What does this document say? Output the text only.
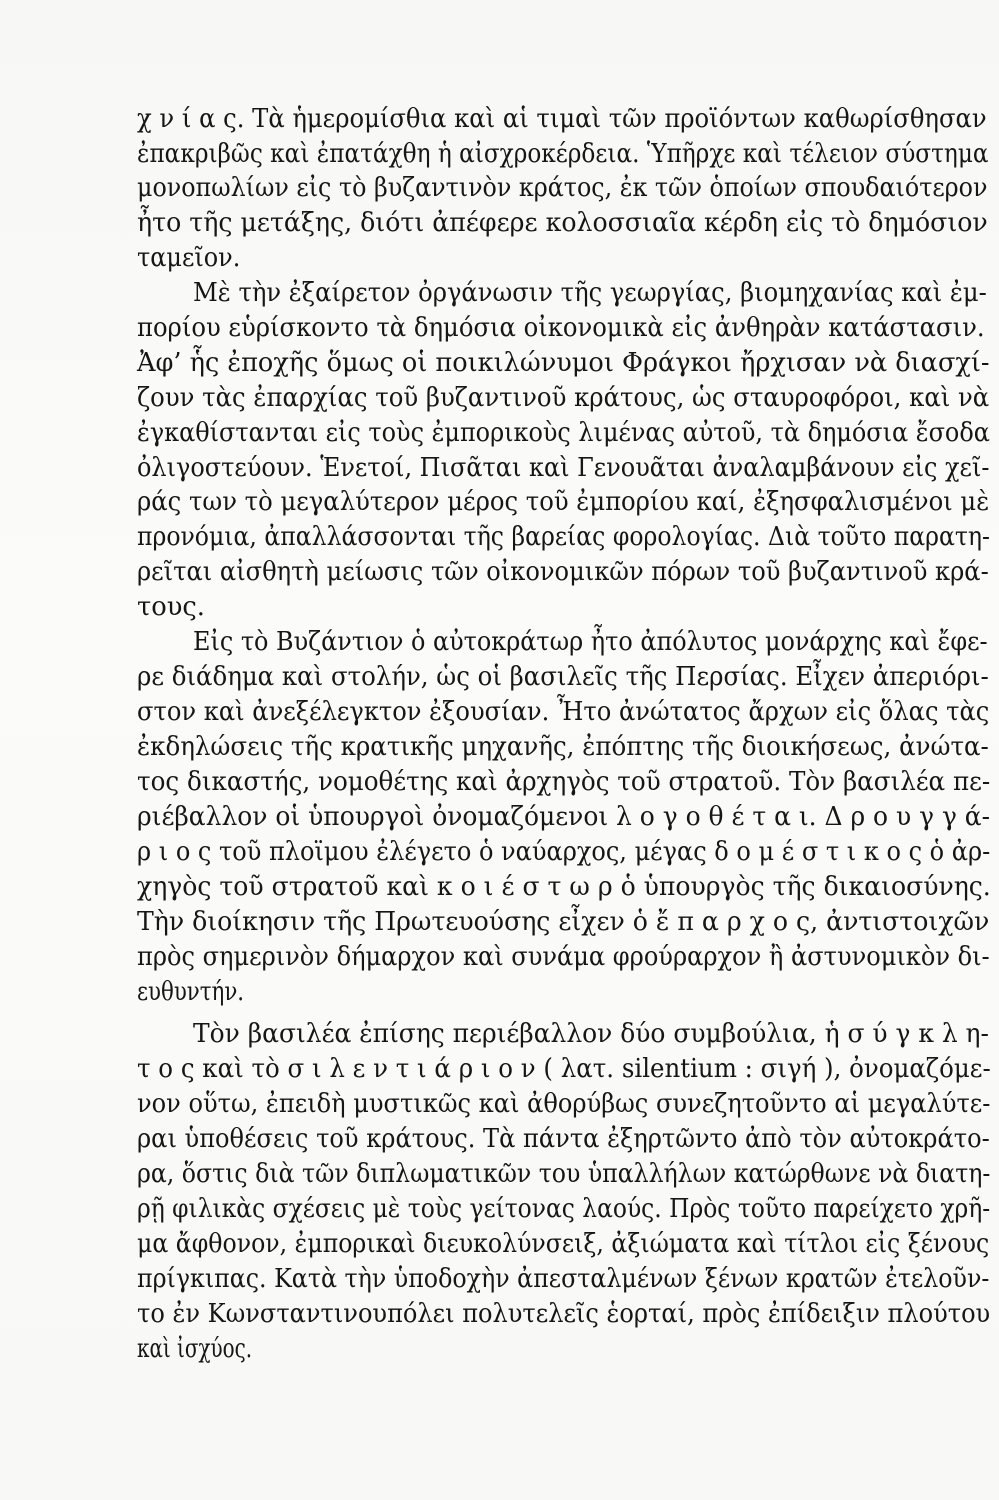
χ ν ί α ς. Τὰ ἡμερομίσθια καὶ αἱ τιμαὶ τῶν προϊόντων καθωρίσθησαν
ἐπακριβῶς καὶ ἐπατάχθη ἡ αἰσχροκέρδεια. Ὑπῆρχε καὶ τέλειον σύστημα
μονοπωλίων εἰς τὸ βυζαντινὸν κράτος, ἐκ τῶν ὁποίων σπουδαιότερον
ἦτο τῆς μετάξης, διότι ἀπέφερε κολοσσιαῖα κέρδη εἰς τὸ δημόσιον
ταμεῖον.
Μὲ τὴν ἐξαίρετον ὀργάνωσιν τῆς γεωργίας, βιομηχανίας καὶ ἐμ-
πορίου εὑρίσκοντο τὰ δημόσια οἰκονομικὰ εἰς ἀνθηρὰν κατάστασιν.
Ἀφ’ ἧς ἐποχῆς ὅμως οἱ ποικιλώνυμοι Φράγκοι ἤρχισαν νὰ διασχί-
ζουν τὰς ἐπαρχίας τοῦ βυζαντινοῦ κράτους, ὡς σταυροφόροι, καὶ νὰ
ἐγκαθίστανται εἰς τοὺς ἐμπορικοὺς λιμένας αὐτοῦ, τὰ δημόσια ἔσοδα
ὀλιγοστεύουν. Ἑνετοί, Πισᾶται καὶ Γενουᾶται ἀναλαμβάνουν εἰς χεῖ-
ράς των τὸ μεγαλύτερον μέρος τοῦ ἐμπορίου καί, ἐξησφαλισμένοι μὲ
προνόμια, ἀπαλλάσσονται τῆς βαρείας φορολογίας. Διὰ τοῦτο παρατη-
ρεῖται αἰσθητὴ μείωσις τῶν οἰκονομικῶν πόρων τοῦ βυζαντινοῦ κρά-
τους.
Εἰς τὸ Βυζάντιον ὁ αὐτοκράτωρ ἦτο ἀπόλυτος μονάρχης καὶ ἔφε-
ρε διάδημα καὶ στολήν, ὡς οἱ βασιλεῖς τῆς Περσίας. Εἶχεν ἀπεριόρι-
στον καὶ ἀνεξέλεγκτον ἐξουσίαν. Ἦτο ἀνώτατος ἄρχων εἰς ὅλας τὰς
ἐκδηλώσεις τῆς κρατικῆς μηχανῆς, ἐπόπτης τῆς διοικήσεως, ἀνώτα-
τος δικαστής, νομοθέτης καὶ ἀρχηγὸς τοῦ στρατοῦ. Τὸν βασιλέα πε-
ριέβαλλον οἱ ὑπουργοὶ ὀνομαζόμενοι λ ο γ ο θ έ τ α ι. Δ ρ ο υ γ γ ά-
ρ ι ο ς τοῦ πλοϊμου ἐλέγετο ὁ ναύαρχος, μέγας δ ο μ έ σ τ ι κ ο ς ὁ ἀρ-
χηγὸς τοῦ στρατοῦ καὶ κ ο ι έ σ τ ω ρ ὁ ὑπουργὸς τῆς δικαιοσύνης.
Τὴν διοίκησιν τῆς Πρωτευούσης εἶχεν ὁ ἔ π α ρ χ ο ς, ἀντιστοιχῶν
πρὸς σημερινὸν δήμαρχον καὶ συνάμα φρούραρχον ἢ ἀστυνομικὸν δι-
ευθυντήν.
Τὸν βασιλέα ἐπίσης περιέβαλλον δύο συμβούλια, ἡ σ ύ γ κ λ η-
τ ο ς καὶ τὸ σ ι λ ε ν τ ι ά ρ ι ο ν ( λατ. silentium : σιγή ), ὀνομαζόμε-
νον οὕτω, ἐπειδὴ μυστικῶς καὶ ἀθορύβως συνεζητοῦντο αἱ μεγαλύτε-
ραι ὑποθέσεις τοῦ κράτους. Τὰ πάντα ἐξηρτῶντο ἀπὸ τὸν αὐτοκράτο-
ρα, ὅστις διὰ τῶν διπλωματικῶν του ὑπαλλήλων κατώρθωνε νὰ διατη-
ρῇ φιλικὰς σχέσεις μὲ τοὺς γείτονας λαούς. Πρὸς τοῦτο παρείχετο χρῆ-
μα ἄφθονον, ἐμπορικαὶ διευκολύνσειξ, ἀξιώματα καὶ τίτλοι εἰς ξένους
πρίγκιπας. Κατὰ τὴν ὑποδοχὴν ἀπεσταλμένων ξένων κρατῶν ἐτελοῦν-
το ἐν Κωνσταντινουπόλει πολυτελεῖς ἑορταί, πρὸς ἐπίδειξιν πλούτου
καὶ ἰσχύος.
